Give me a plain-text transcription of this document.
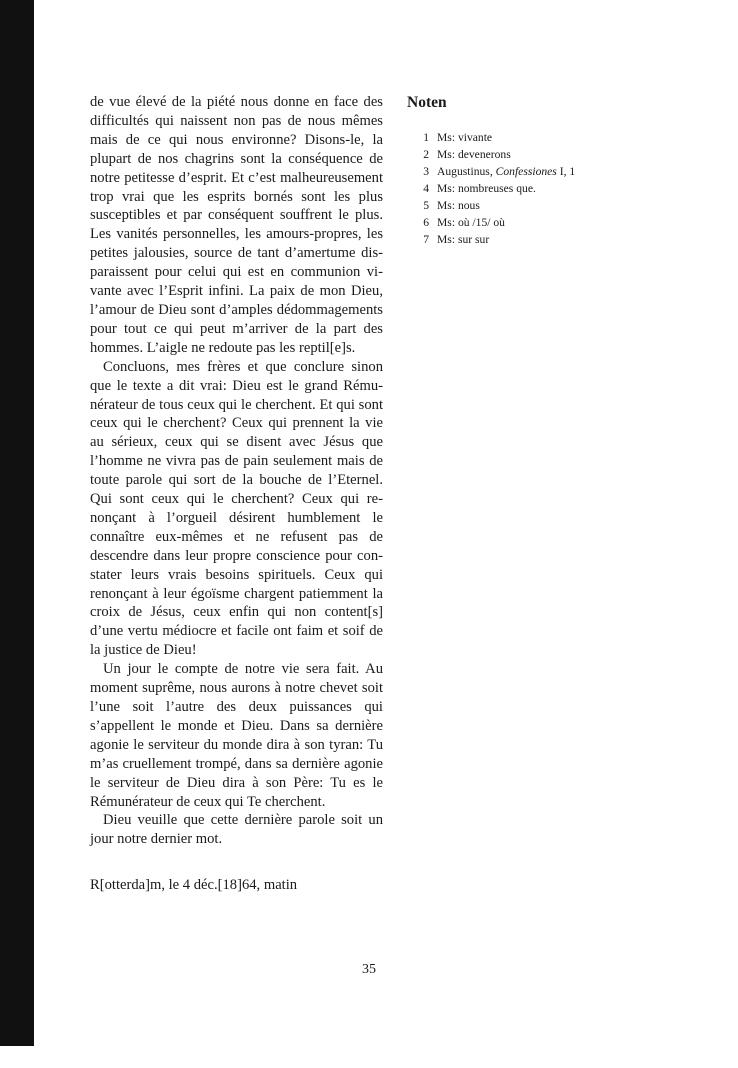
de vue élevé de la piété nous donne en face des difficultés qui naissent non pas de nous mêmes mais de ce qui nous environne? Disons-le, la plupart de nos chagrins sont la conséquence de notre petitesse d’esprit. Et c’est malheureusement trop vrai que les esprits bornés sont les plus susceptibles et par conséquent souffrent le plus. Les vanités personnelles, les amours-propres, les petites jalousies, source de tant d’amertume disparaissent pour celui qui est en communion vivante avec l’Esprit infini. La paix de mon Dieu, l’amour de Dieu sont d’amples dédommagements pour tout ce qui peut m’arriver de la part des hommes. L’aigle ne redoute pas les reptil[e]s.

Concluons, mes frères et que conclure sinon que le texte a dit vrai: Dieu est le grand Rémunérateur de tous ceux qui le cherchent. Et qui sont ceux qui le cherchent? Ceux qui prennent la vie au sérieux, ceux qui se disent avec Jésus que l’homme ne vivra pas de pain seulement mais de toute parole qui sort de la bouche de l’Eternel. Qui sont ceux qui le cherchent? Ceux qui renonçant à l’orgueil désirent humblement le connaître eux-mêmes et ne refusent pas de descendre dans leur propre conscience pour constater leurs vrais besoins spirituels. Ceux qui renonçant à leur égoïsme chargent patiemment la croix de Jésus, ceux enfin qui non content[s] d’une vertu médiocre et facile ont faim et soif de la justice de Dieu!

Un jour le compte de notre vie sera fait. Au moment suprême, nous aurons à notre chevet soit l’une soit l’autre des deux puissances qui s’appellent le monde et Dieu. Dans sa dernière agonie le serviteur du monde dira à son tyran: Tu m’as cruellement trompé, dans sa dernière agonie le serviteur de Dieu dira à son Père: Tu es le Rémunérateur de ceux qui Te cherchent.

Dieu veuille que cette dernière parole soit un jour notre dernier mot.

R[otterda]m, le 4 déc.[18]64, matin
Noten
1 Ms: vivante
2 Ms: devenerons
3 Augustinus, Confessiones I, 1
4 Ms: nombreuses que.
5 Ms: nous
6 Ms: où /15/ où
7 Ms: sur sur
35
